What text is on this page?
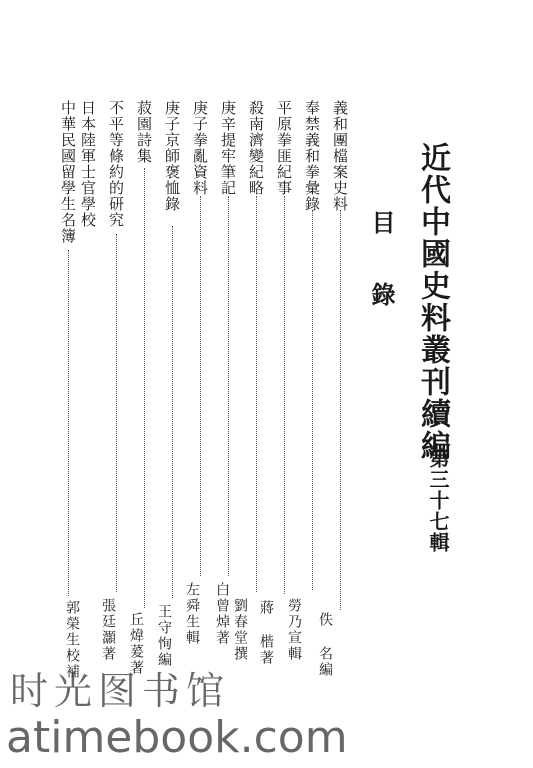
近代中國史料叢刊續編
第三十七輯
目
錄
義和團檔案史料
佚 名編
奉禁義和拳彙錄
勞乃宣輯
平原拳匪紀事
蔣 楷著
殺南濟變紀略
劉春堂撰
庚辛提牢筆記
白曾焯著
庚子拳亂資料
左舜生輯
庚子京師褒恤錄
王守恂編
菽園詩集
丘煒萲著
不平等條約的研究
張廷灝著
日本陸軍士官學校
中華民國留學生名簿
郭榮生校補
时光图书馆
atimebook.com
